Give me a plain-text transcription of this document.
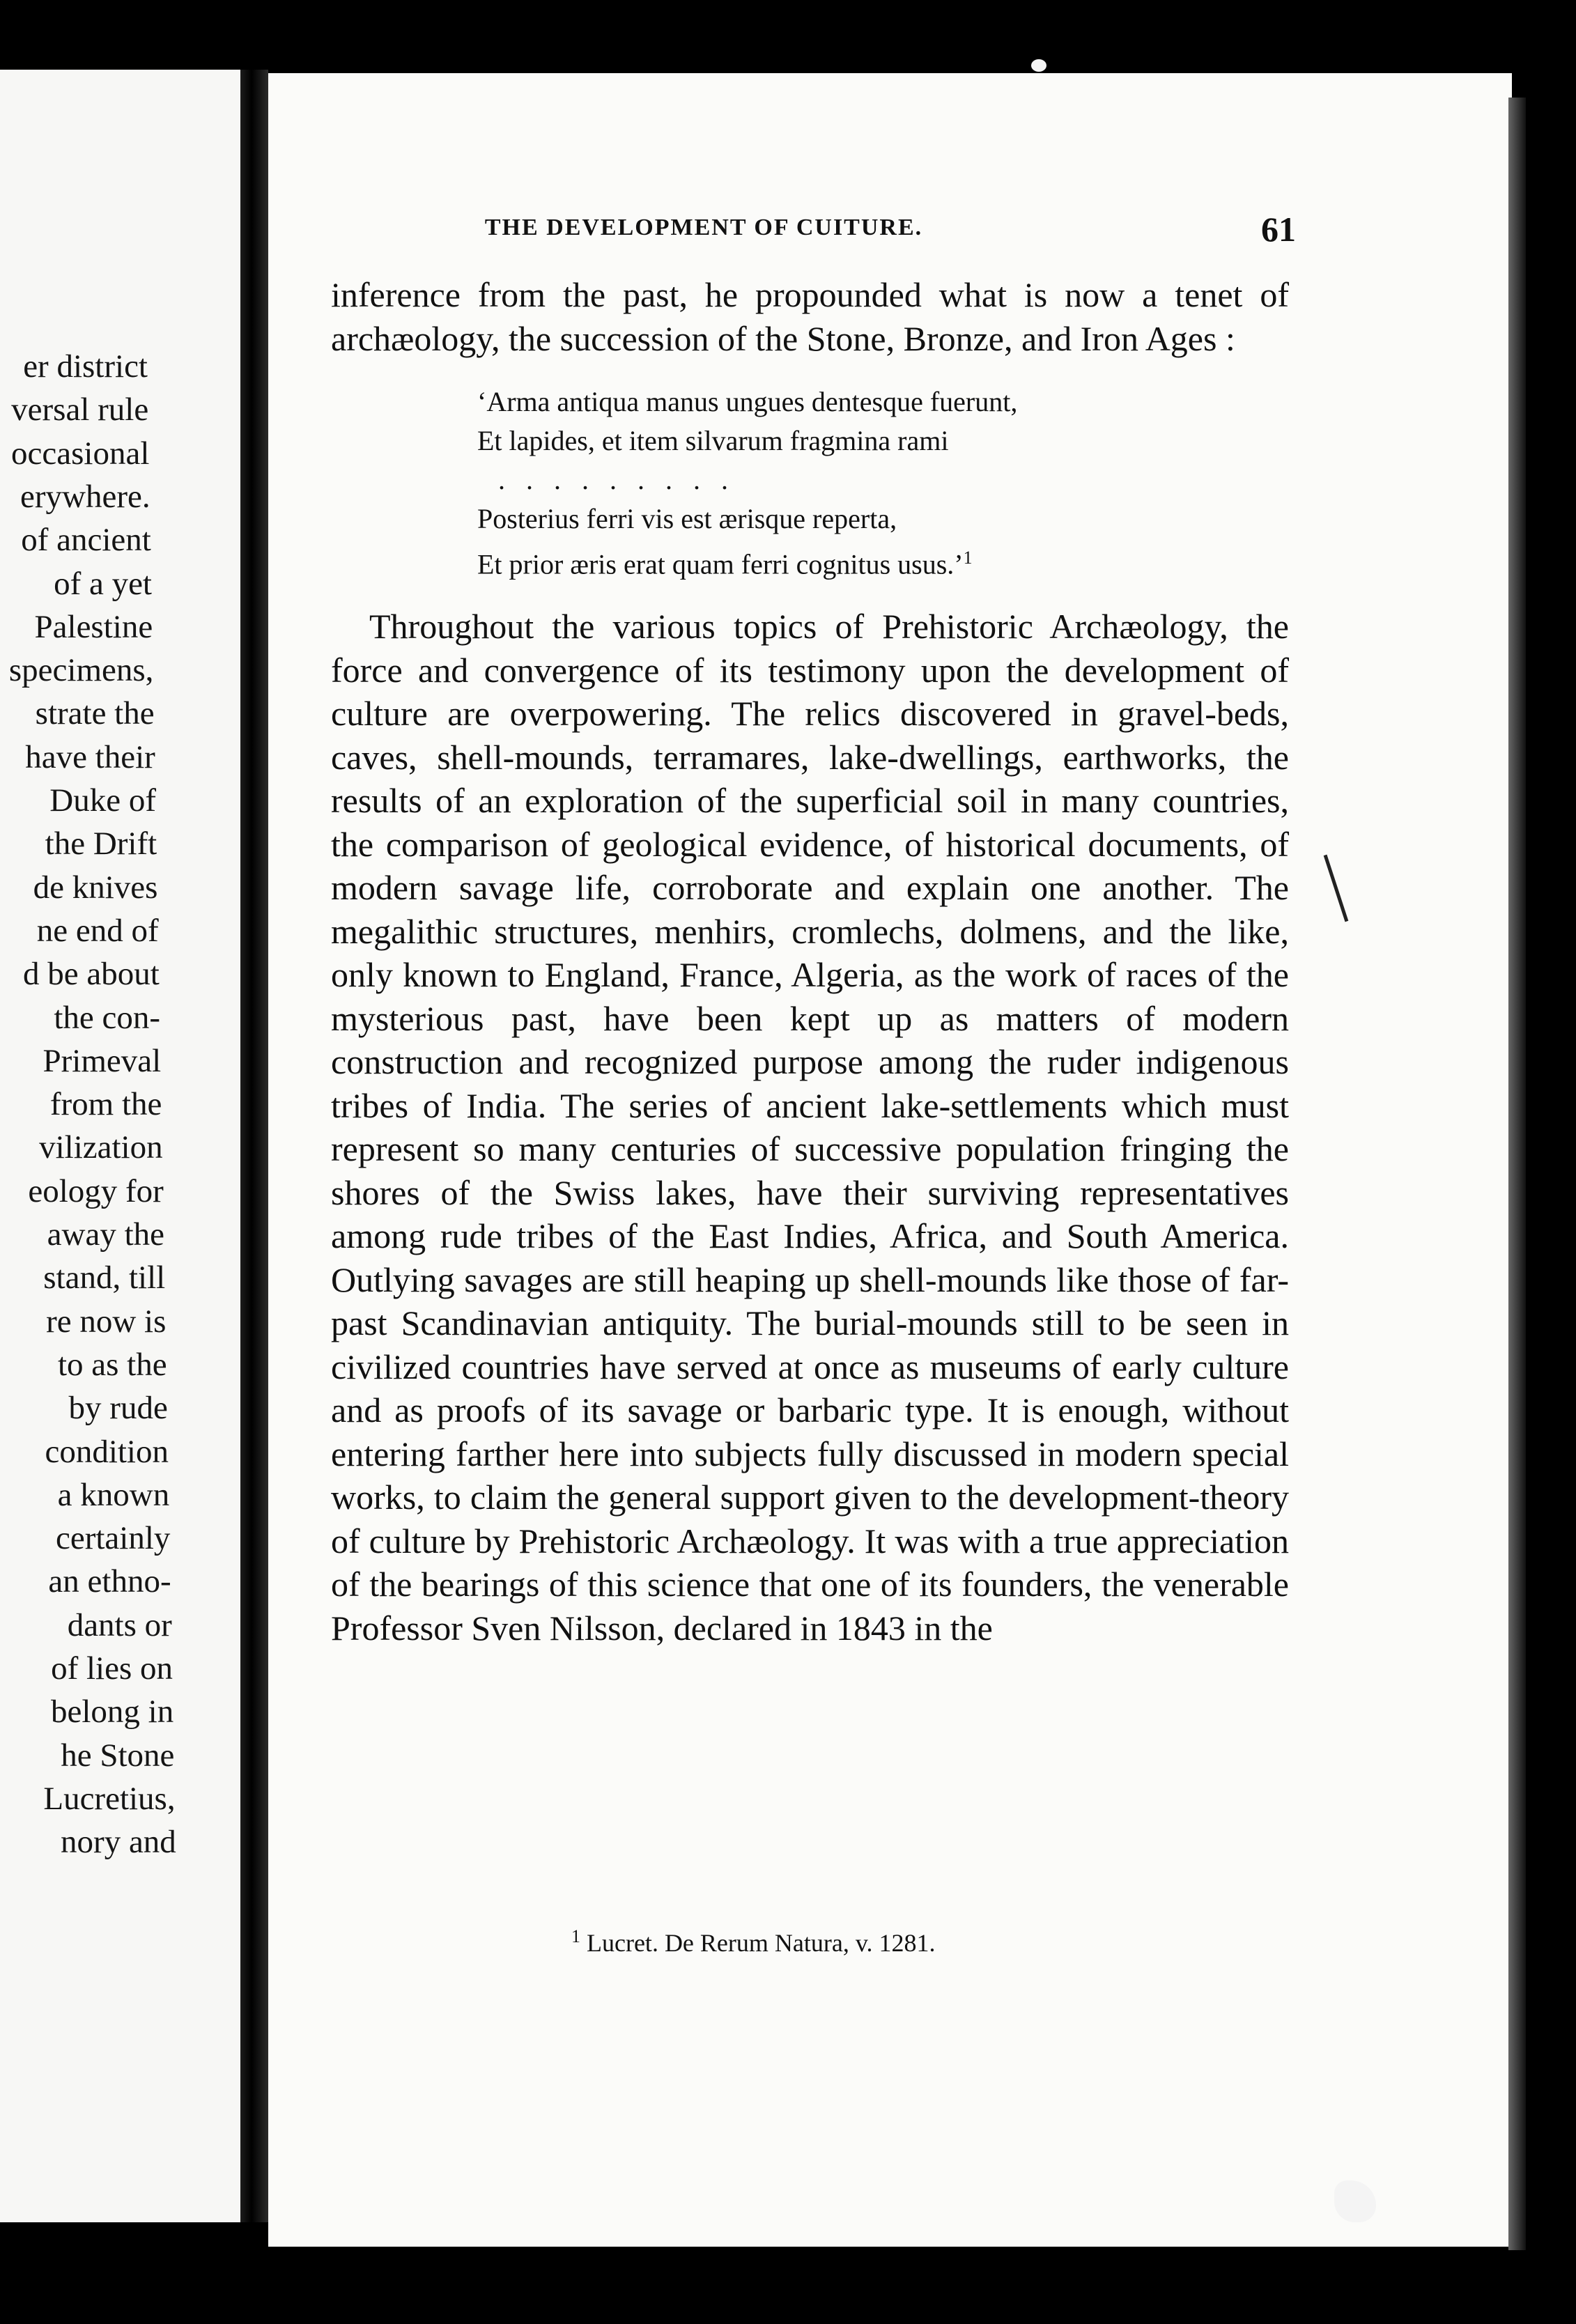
er district
versal rule
occasional
erywhere.
of ancient
of a yet
Palestine
specimens,
strate the
have their
Duke of
the Drift
de knives
ne end of
d be about
the con-
Primeval
from the
vilization
eology for
away the
stand, till
re now is
to as the
by rude
condition
a known
certainly
an ethno-
dants or
of lies on
belong in
he Stone
Lucretius,
nory and
THE DEVELOPMENT OF CUITURE.	61

inference from the past, he propounded what is now a tenet of archæology, the succession of the Stone, Bronze, and Iron Ages :

‘Arma antiqua manus ungues dentesque fuerunt,
Et lapides, et item silvarum fragmina rami
. . . . . . . . .
Posterius ferri vis est ærisque reperta,
Et prior æris erat quam ferri cognitus usus.’$^1$

Throughout the various topics of Prehistoric Archæology, the force and convergence of its testimony upon the development of culture are overpowering. The relics discovered in gravel-beds, caves, shell-mounds, terramares, lake-dwellings, earthworks, the results of an exploration of the superficial soil in many countries, the comparison of geological evidence, of historical documents, of modern savage life, corroborate and explain one another. The megalithic structures, menhirs, cromlechs, dolmens, and the like, only known to England, France, Algeria, as the work of races of the mysterious past, have been kept up as matters of modern construction and recognized purpose among the ruder indigenous tribes of India. The series of ancient lake-settlements which must represent so many centuries of successive population fringing the shores of the Swiss lakes, have their surviving representatives among rude tribes of the East Indies, Africa, and South America. Outlying savages are still heaping up shell-mounds like those of far-past Scandinavian antiquity. The burial-mounds still to be seen in civilized countries have served at once as museums of early culture and as proofs of its savage or barbaric type. It is enough, without entering farther here into subjects fully discussed in modern special works, to claim the general support given to the development-theory of culture by Prehistoric Archæology. It was with a true appreciation of the bearings of this science that one of its founders, the venerable Professor Sven Nilsson, declared in 1843 in the

$^1$ Lucret. De Rerum Natura, v. 1281.
